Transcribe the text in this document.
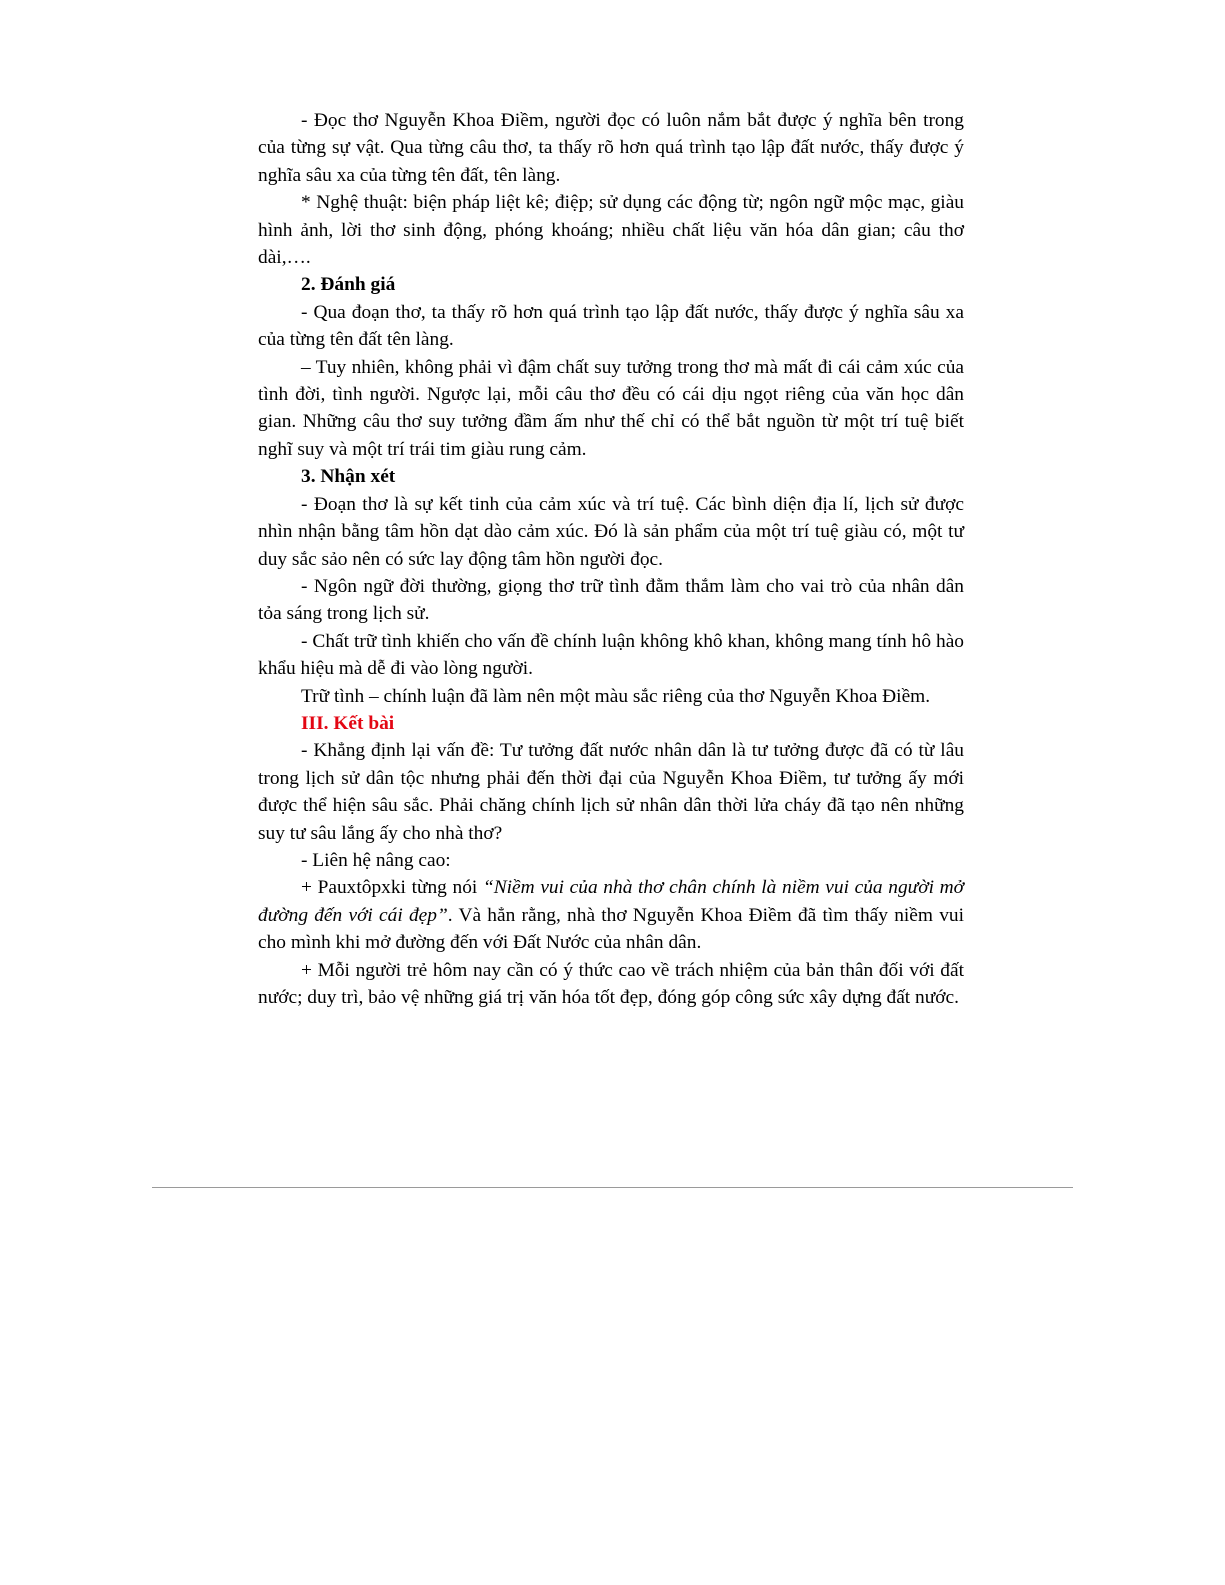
- Đọc thơ Nguyễn Khoa Điềm, người đọc có luôn nắm bắt được ý nghĩa bên trong của từng sự vật. Qua từng câu thơ, ta thấy rõ hơn quá trình tạo lập đất nước, thấy được ý nghĩa sâu xa của từng tên đất, tên làng.

* Nghệ thuật: biện pháp liệt kê; điệp; sử dụng các động từ; ngôn ngữ mộc mạc, giàu hình ảnh, lời thơ sinh động, phóng khoáng; nhiều chất liệu văn hóa dân gian; câu thơ dài,….

2. Đánh giá

- Qua đoạn thơ, ta thấy rõ hơn quá trình tạo lập đất nước, thấy được ý nghĩa sâu xa của từng tên đất tên làng.

– Tuy nhiên, không phải vì đậm chất suy tưởng trong thơ mà mất đi cái cảm xúc của tình đời, tình người. Ngược lại, mỗi câu thơ đều có cái dịu ngọt riêng của văn học dân gian. Những câu thơ suy tưởng đầm ấm như thế chỉ có thể bắt nguồn từ một trí tuệ biết nghĩ suy và một trí trái tim giàu rung cảm.

3. Nhận xét

- Đoạn thơ là sự kết tinh của cảm xúc và trí tuệ. Các bình diện địa lí, lịch sử được nhìn nhận bằng tâm hồn dạt dào cảm xúc. Đó là sản phẩm của một trí tuệ giàu có, một tư duy sắc sảo nên có sức lay động tâm hồn người đọc.

- Ngôn ngữ đời thường, giọng thơ trữ tình đằm thắm làm cho vai trò của nhân dân tỏa sáng trong lịch sử.

- Chất trữ tình khiến cho vấn đề chính luận không khô khan, không mang tính hô hào khẩu hiệu mà dễ đi vào lòng người.

Trữ tình – chính luận đã làm nên một màu sắc riêng của thơ Nguyễn Khoa Điềm.

III. Kết bài

- Khẳng định lại vấn đề: Tư tưởng đất nước nhân dân là tư tưởng được đã có từ lâu trong lịch sử dân tộc nhưng phải đến thời đại của Nguyễn Khoa Điềm, tư tưởng ấy mới được thể hiện sâu sắc. Phải chăng chính lịch sử nhân dân thời lửa cháy đã tạo nên những suy tư sâu lắng ấy cho nhà thơ?

- Liên hệ nâng cao:

+ Pauxtôpxki từng nói “Niềm vui của nhà thơ chân chính là niềm vui của người mở đường đến với cái đẹp”. Và hẳn rằng, nhà thơ Nguyễn Khoa Điềm đã tìm thấy niềm vui cho mình khi mở đường đến với Đất Nước của nhân dân.

+ Mỗi người trẻ hôm nay cần có ý thức cao về trách nhiệm của bản thân đối với đất nước; duy trì, bảo vệ những giá trị văn hóa tốt đẹp, đóng góp công sức xây dựng đất nước.
